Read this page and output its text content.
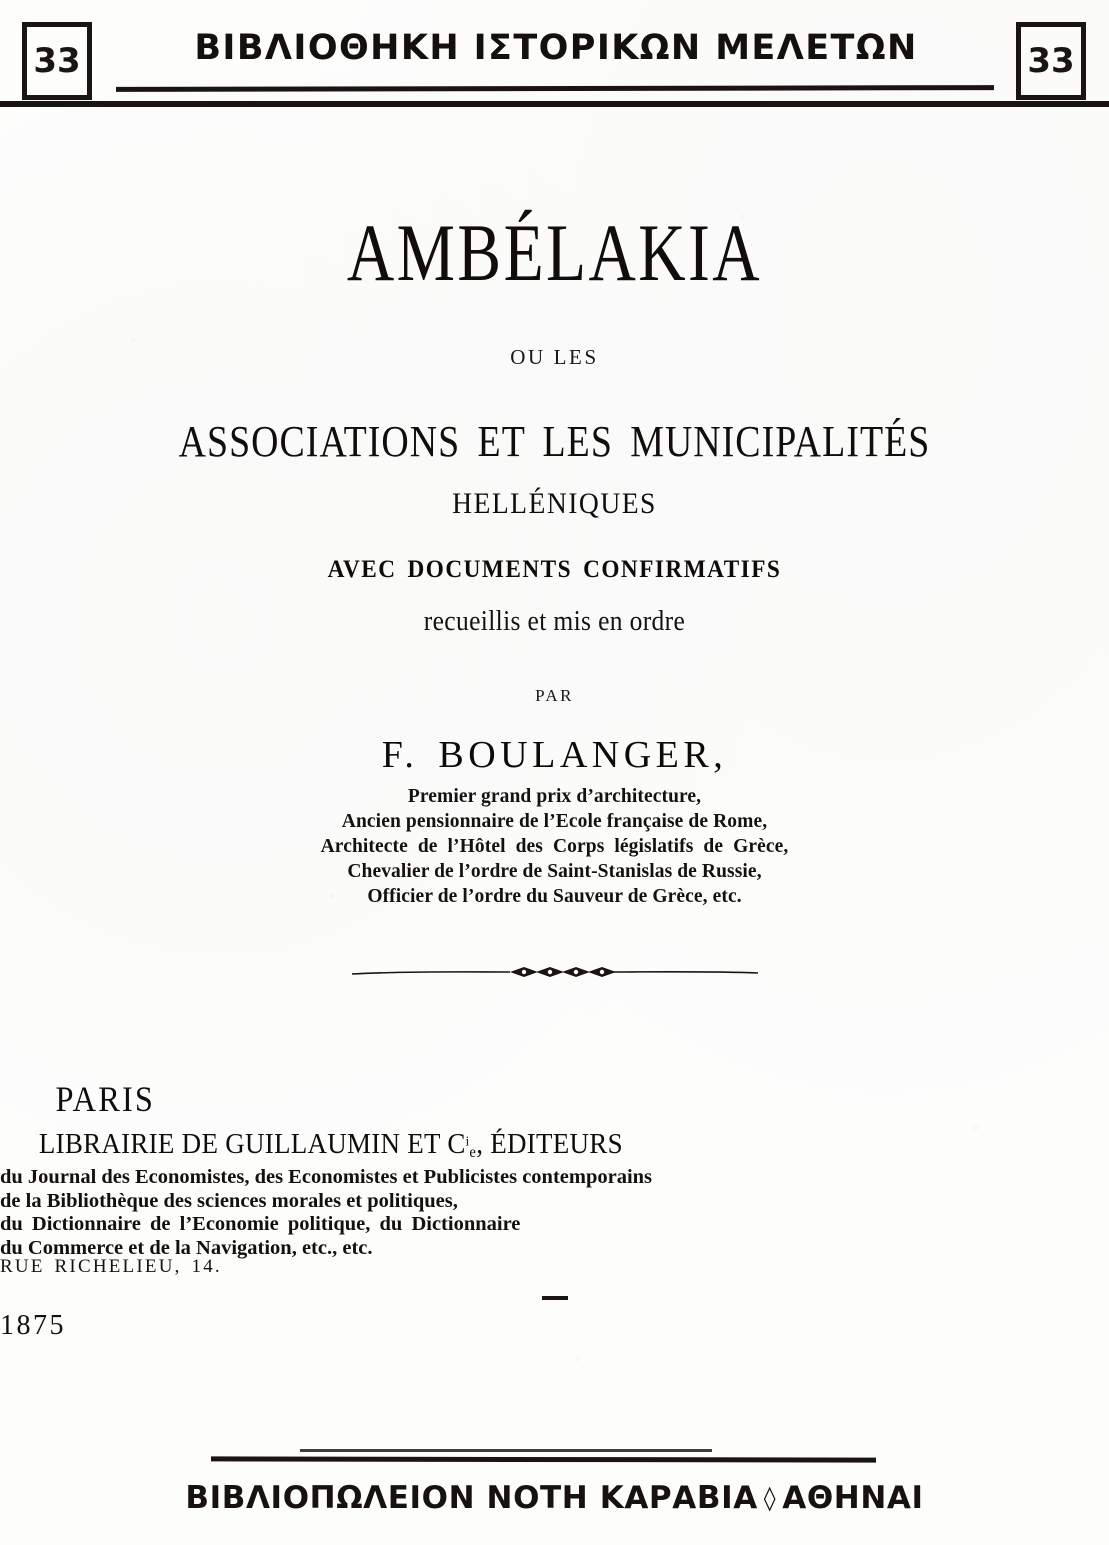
33	ΒΙΒΛΙΟΘΗΚΗ ΙΣΤΟΡΙΚΩΝ ΜΕΛΕΤΩΝ	33
AMBÉLAKIA
OU LES
ASSOCIATIONS ET LES MUNICIPALITÉS
HELLÉNIQUES
AVEC DOCUMENTS CONFIRMATIFS
recueillis et mis en ordre
PAR
F. BOULANGER,
Premier grand prix d’architecture,
Ancien pensionnaire de l’Ecole française de Rome,
Architecte de l’Hôtel des Corps législatifs de Grèce,
Chevalier de l’ordre de Saint-Stanislas de Russie,
Officier de l’ordre du Sauveur de Grèce, etc.
PARIS
LIBRAIRIE DE GUILLAUMIN ET $C^i_e$, ÉDITEURS
du Journal des Economistes, des Economistes et Publicistes contemporains
de la Bibliothèque des sciences morales et politiques,
du Dictionnaire de l’Economie politique, du Dictionnaire
du Commerce et de la Navigation, etc., etc.
RUE RICHELIEU, 14.
1875
ΒΙΒΛΙΟΠΩΛΕΙΟΝ ΝΟΤΗ ΚΑΡΑΒΙΑ ◊ ΑΘΗΝΑΙ
